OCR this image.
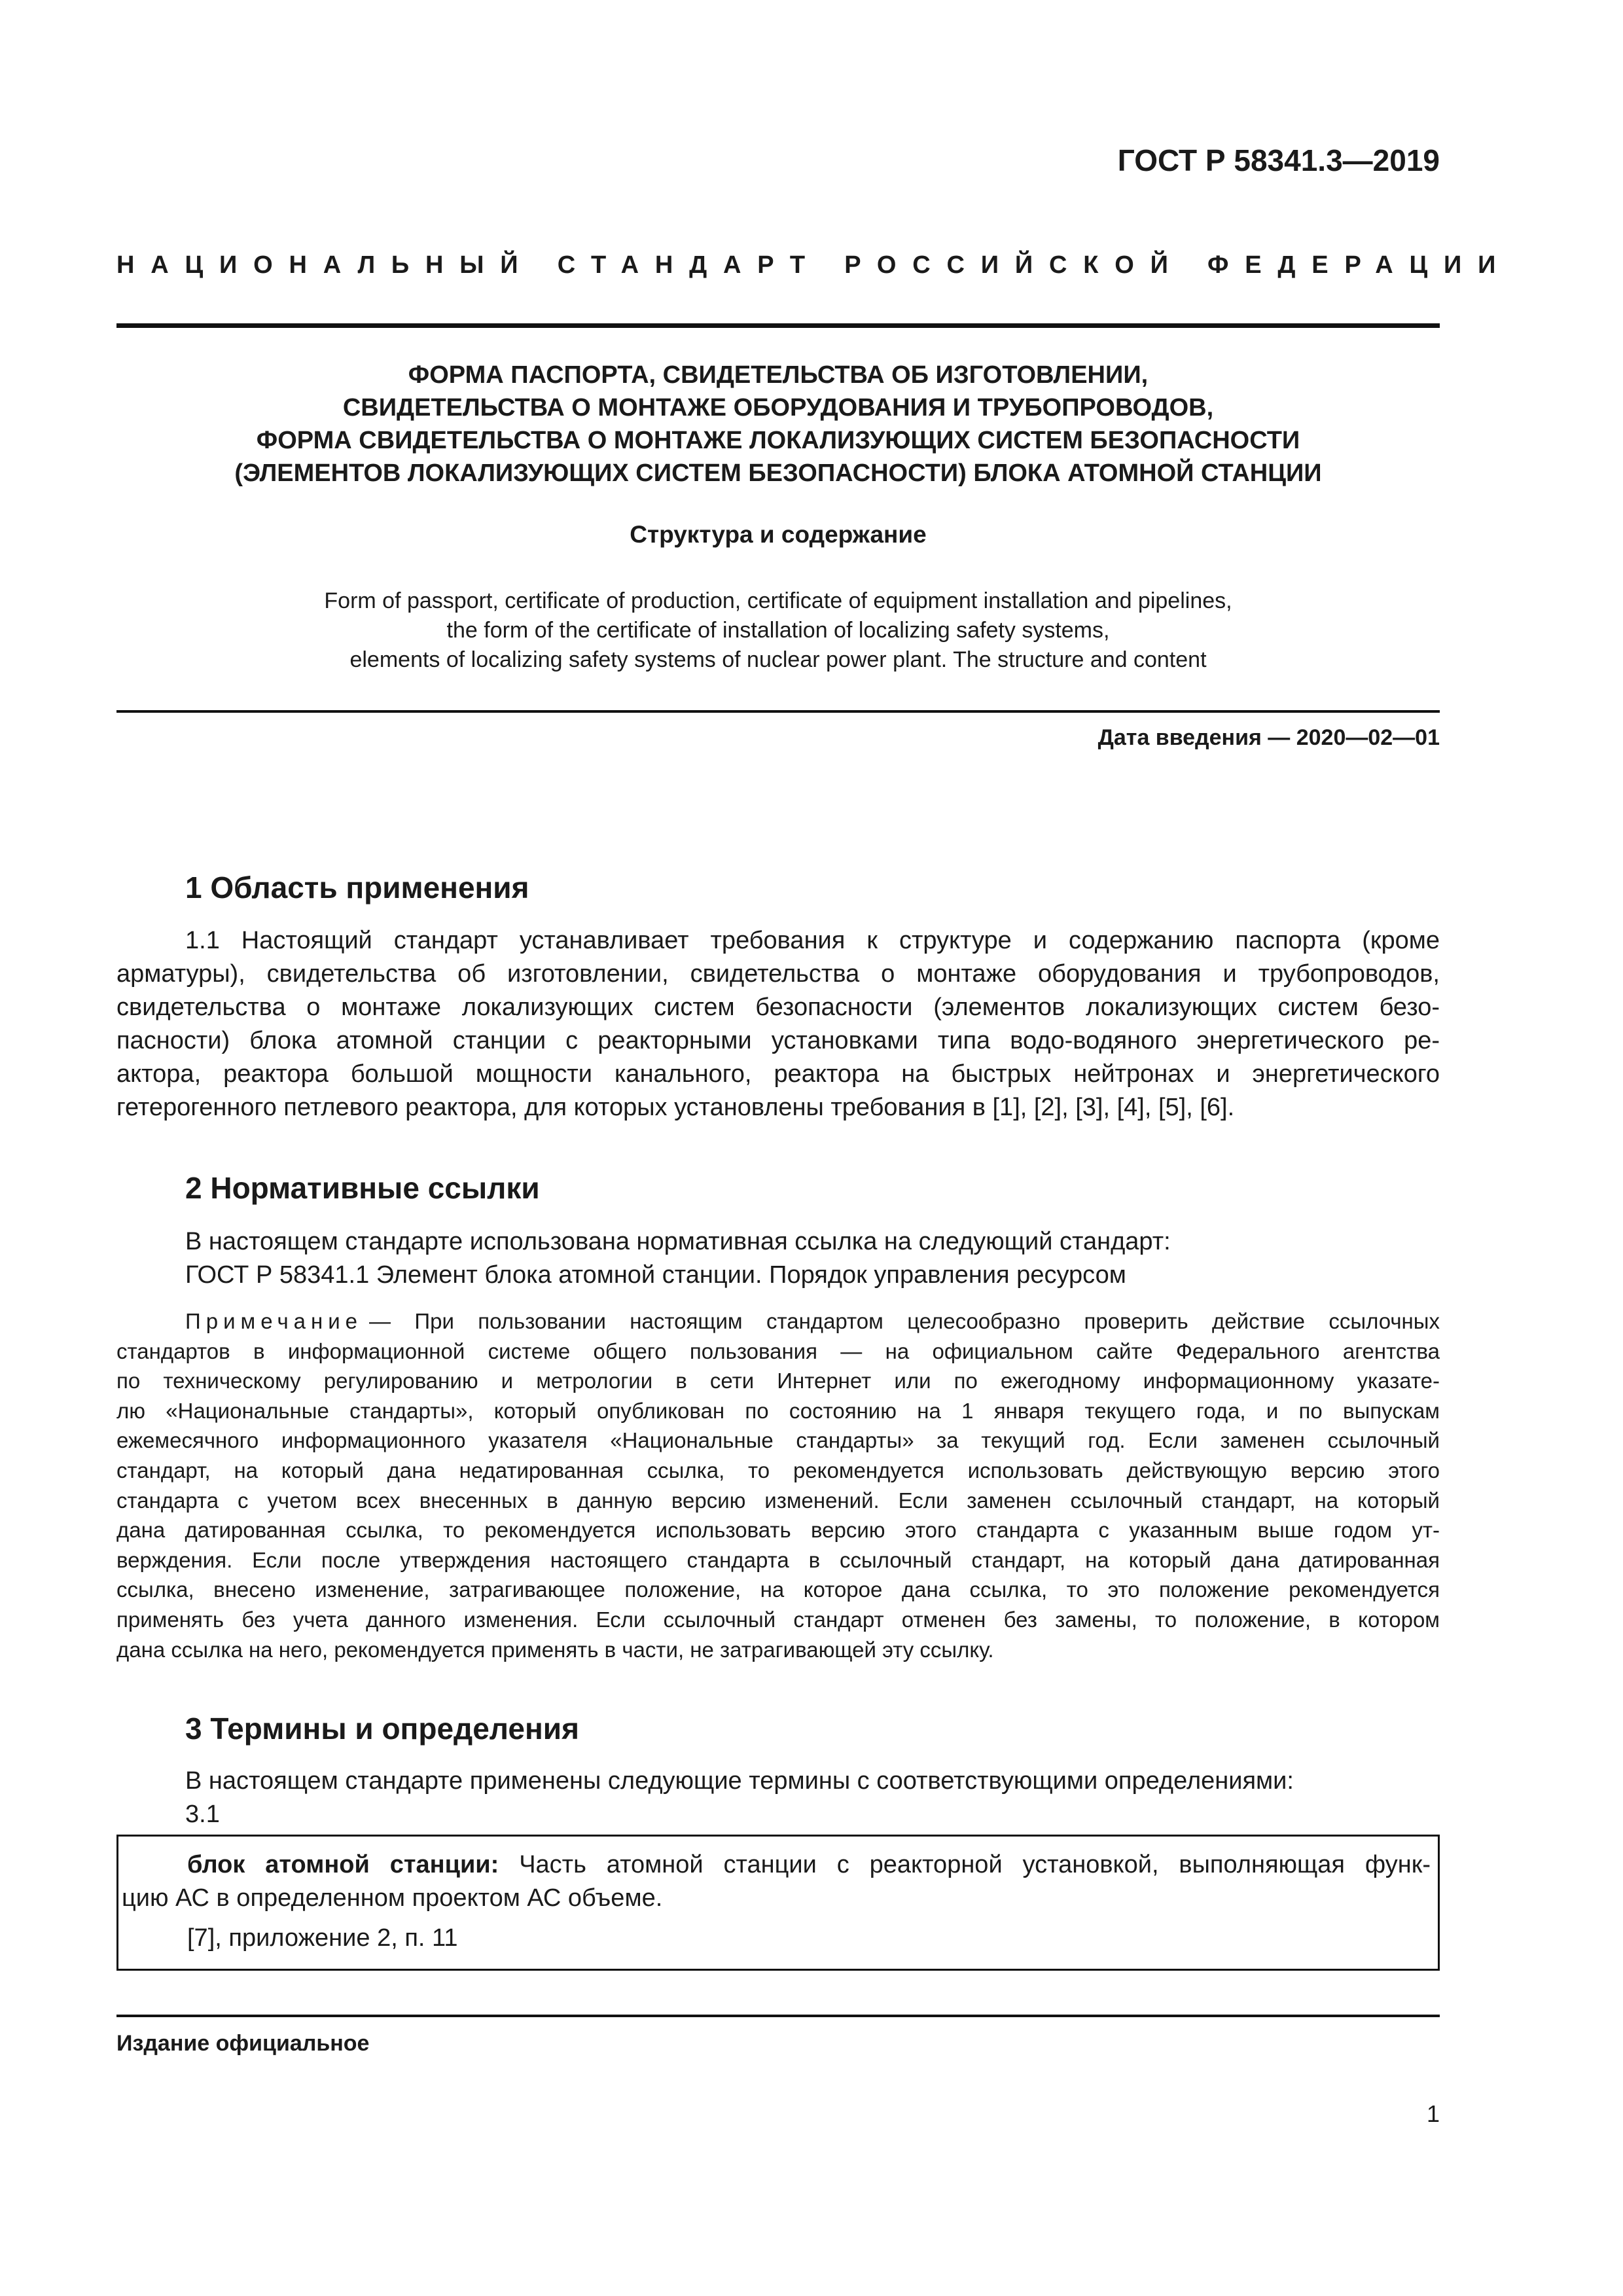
ГОСТ Р 58341.3—2019
НАЦИОНАЛЬНЫЙ СТАНДАРТ РОССИЙСКОЙ ФЕДЕРАЦИИ
ФОРМА ПАСПОРТА, СВИДЕТЕЛЬСТВА ОБ ИЗГОТОВЛЕНИИ,
СВИДЕТЕЛЬСТВА О МОНТАЖЕ ОБОРУДОВАНИЯ И ТРУБОПРОВОДОВ,
ФОРМА СВИДЕТЕЛЬСТВА О МОНТАЖЕ ЛОКАЛИЗУЮЩИХ СИСТЕМ БЕЗОПАСНОСТИ
(ЭЛЕМЕНТОВ ЛОКАЛИЗУЮЩИХ СИСТЕМ БЕЗОПАСНОСТИ) БЛОКА АТОМНОЙ СТАНЦИИ
Структура и содержание
Form of passport, certificate of production, certificate of equipment installation and pipelines,
the form of the certificate of installation of localizing safety systems,
elements of localizing safety systems of nuclear power plant. The structure and content
Дата введения — 2020—02—01
1 Область применения
1.1 Настоящий стандарт устанавливает требования к структуре и содержанию паспорта (кроме
арматуры), свидетельства об изготовлении, свидетельства о монтаже оборудования и трубопроводов,
свидетельства о монтаже локализующих систем безопасности (элементов локализующих систем безо-
пасности) блока атомной станции с реакторными установками типа водо-водяного энергетического ре-
актора, реактора большой мощности канального, реактора на быстрых нейтронах и энергетического
гетерогенного петлевого реактора, для которых установлены требования в [1], [2], [3], [4], [5], [6].
2 Нормативные ссылки
В настоящем стандарте использована нормативная ссылка на следующий стандарт:
ГОСТ Р 58341.1 Элемент блока атомной станции. Порядок управления ресурсом
Примечание — При пользовании настоящим стандартом целесообразно проверить действие ссылочных
стандартов в информационной системе общего пользования — на официальном сайте Федерального агентства
по техническому регулированию и метрологии в сети Интернет или по ежегодному информационному указате-
лю «Национальные стандарты», который опубликован по состоянию на 1 января текущего года, и по выпускам
ежемесячного информационного указателя «Национальные стандарты» за текущий год. Если заменен ссылочный
стандарт, на который дана недатированная ссылка, то рекомендуется использовать действующую версию этого
стандарта с учетом всех внесенных в данную версию изменений. Если заменен ссылочный стандарт, на который
дана датированная ссылка, то рекомендуется использовать версию этого стандарта с указанным выше годом ут-
верждения. Если после утверждения настоящего стандарта в ссылочный стандарт, на который дана датированная
ссылка, внесено изменение, затрагивающее положение, на которое дана ссылка, то это положение рекомендуется
применять без учета данного изменения. Если ссылочный стандарт отменен без замены, то положение, в котором
дана ссылка на него, рекомендуется применять в части, не затрагивающей эту ссылку.
3 Термины и определения
В настоящем стандарте применены следующие термины с соответствующими определениями:
3.1
блок атомной станции: Часть атомной станции с реакторной установкой, выполняющая функ-
цию АС в определенном проектом АС объеме.
[7], приложение 2, п. 11
Издание официальное
1
